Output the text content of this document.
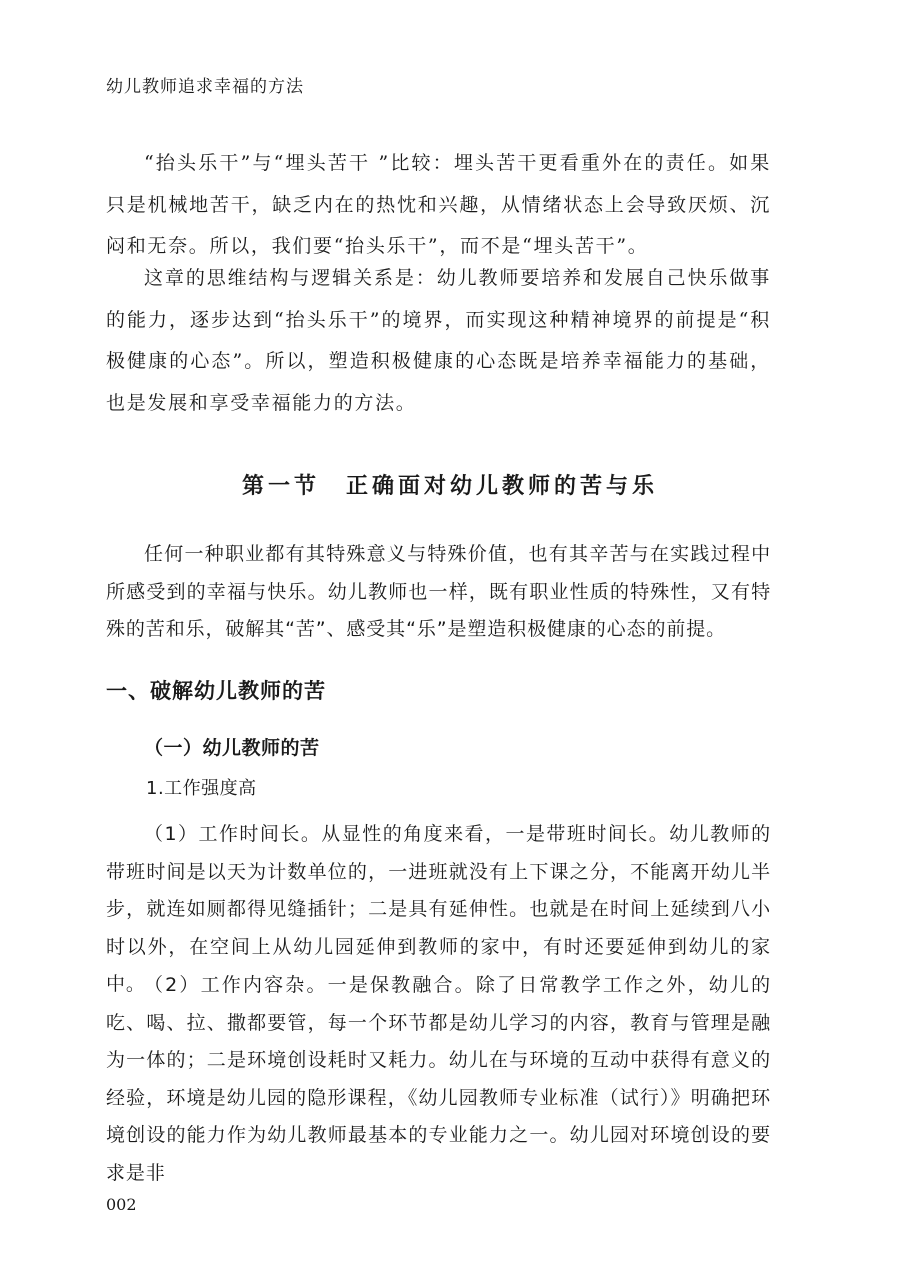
幼儿教师追求幸福的方法

“抬头乐干”与“埋头苦干 ”比较：埋头苦干更看重外在的责任。如果只是机械地苦干，缺乏内在的热忱和兴趣，从情绪状态上会导致厌烦、沉闷和无奈。所以，我们要“抬头乐干”，而不是“埋头苦干”。

这章的思维结构与逻辑关系是：幼儿教师要培养和发展自己快乐做事的能力，逐步达到“抬头乐干”的境界，而实现这种精神境界的前提是“积极健康的心态”。所以，塑造积极健康的心态既是培养幸福能力的基础，也是发展和享受幸福能力的方法。

第一节 正确面对幼儿教师的苦与乐

任何一种职业都有其特殊意义与特殊价值，也有其辛苦与在实践过程中所感受到的幸福与快乐。幼儿教师也一样，既有职业性质的特殊性，又有特殊的苦和乐，破解其“苦”、感受其“乐”是塑造积极健康的心态的前提。

一、破解幼儿教师的苦
（一）幼儿教师的苦
1.工作强度高

（1）工作时间长。从显性的角度来看，一是带班时间长。幼儿教师的带班时间是以天为计数单位的，一进班就没有上下课之分，不能离开幼儿半步，就连如厕都得见缝插针；二是具有延伸性。也就是在时间上延续到八小时以外，在空间上从幼儿园延伸到教师的家中，有时还要延伸到幼儿的家中。

（2）工作内容杂。一是保教融合。除了日常教学工作之外，幼儿的吃、喝、拉、撒都要管，每一个环节都是幼儿学习的内容，教育与管理是融为一体的；二是环境创设耗时又耗力。幼儿在与环境的互动中获得有意义的经验，环境是幼儿园的隐形课程，《幼儿园教师专业标准（试行）》明确把环境创设的能力作为幼儿教师最基本的专业能力之一。幼儿园对环境创设的要求是非

002
